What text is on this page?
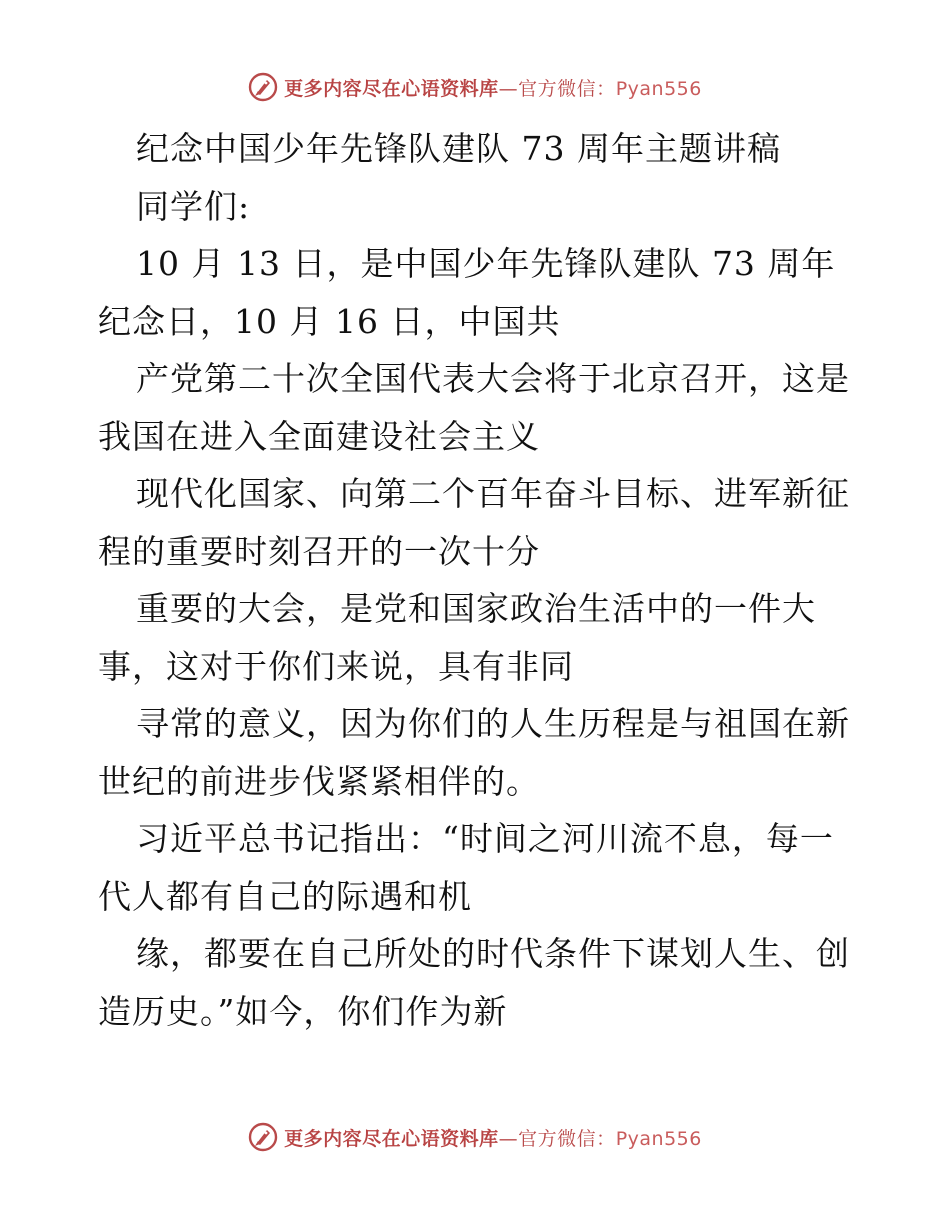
更多内容尽在心语资料库—官方微信：Pyan556
纪念中国少年先锋队建队 73 周年主题讲稿
同学们:
10 月 13 日，是中国少年先锋队建队 73 周年
纪念日，10 月 16 日，中国共
产党第二十次全国代表大会将于北京召开，这是
我国在进入全面建设社会主义
现代化国家、向第二个百年奋斗目标、进军新征
程的重要时刻召开的一次十分
重要的大会，是党和国家政治生活中的一件大
事，这对于你们来说，具有非同
寻常的意义，因为你们的人生历程是与祖国在新
世纪的前进步伐紧紧相伴的。
习近平总书记指出：“时间之河川流不息，每一
代人都有自己的际遇和机
缘，都要在自己所处的时代条件下谋划人生、创
造历史。”如今，你们作为新
更多内容尽在心语资料库—官方微信：Pyan556
